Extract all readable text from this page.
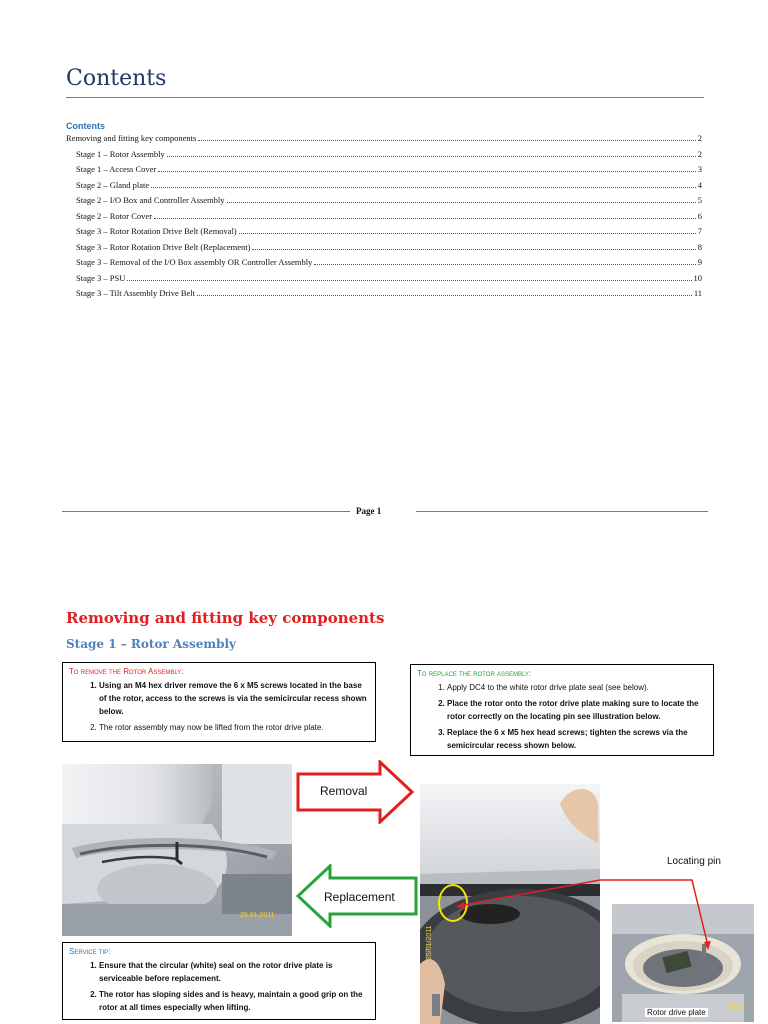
Contents
Contents
Removing and fitting key components	2
Stage 1 – Rotor Assembly	2
Stage 1 – Access Cover	3
Stage 2 – Gland plate	4
Stage 2 – I/O Box and Controller Assembly	5
Stage 2 – Rotor Cover	6
Stage 3 – Rotor Rotation Drive Belt (Removal)	7
Stage 3 – Rotor Rotation Drive Belt (Replacement)	8
Stage 3 – Removal of the I/O Box assembly OR Controller Assembly	9
Stage 3 – PSU	10
Stage 3 – Tilt Assembly Drive Belt	11
Page 1
Removing and fitting key components
Stage 1 – Rotor Assembly
To remove the Rotor Assembly:
1. Using an M4 hex driver remove the 6 x M5 screws located in the base of the rotor, access to the screws is via the semicircular recess shown below.
2. The rotor assembly may now be lifted from the rotor drive plate.
To replace the rotor assembly:
1. Apply DC4 to the white rotor drive plate seal (see below).
2. Place the rotor onto the rotor drive plate making sure to locate the rotor correctly on the locating pin see illustration below.
3. Replace the 6 x M5 hex head screws; tighten the screws via the semicircular recess shown below.
25.01.2011
Removal
Replacement
25/01/2011
25.01
Rotor drive plate
Locating pin
Service tip:
1. Ensure that the circular (white) seal on the rotor drive plate is serviceable before replacement.
2. The rotor has sloping sides and is heavy, maintain a good grip on the rotor at all times especially when lifting.
